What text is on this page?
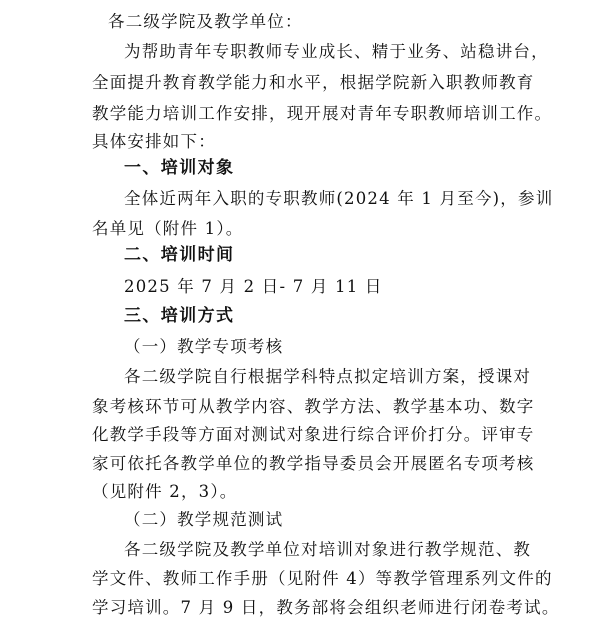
各二级学院及教学单位：
为帮助青年专职教师专业成长、精于业务、站稳讲台，
全面提升教育教学能力和水平，根据学院新入职教师教育
教学能力培训工作安排，现开展对青年专职教师培训工作。
具体安排如下：
一、培训对象
全体近两年入职的专职教师(2024 年 1 月至今)，参训
名单见（附件 1）。
二、培训时间
2025 年 7 月 2 日- 7 月 11 日
三、培训方式
（一）教学专项考核
各二级学院自行根据学科特点拟定培训方案，授课对
象考核环节可从教学内容、教学方法、教学基本功、数字
化教学手段等方面对测试对象进行综合评价打分。评审专
家可依托各教学单位的教学指导委员会开展匿名专项考核
（见附件 2，3）。
（二）教学规范测试
各二级学院及教学单位对培训对象进行教学规范、教
学文件、教师工作手册（见附件 4）等教学管理系列文件的
学习培训。7 月 9 日，教务部将会组织老师进行闭卷考试。
